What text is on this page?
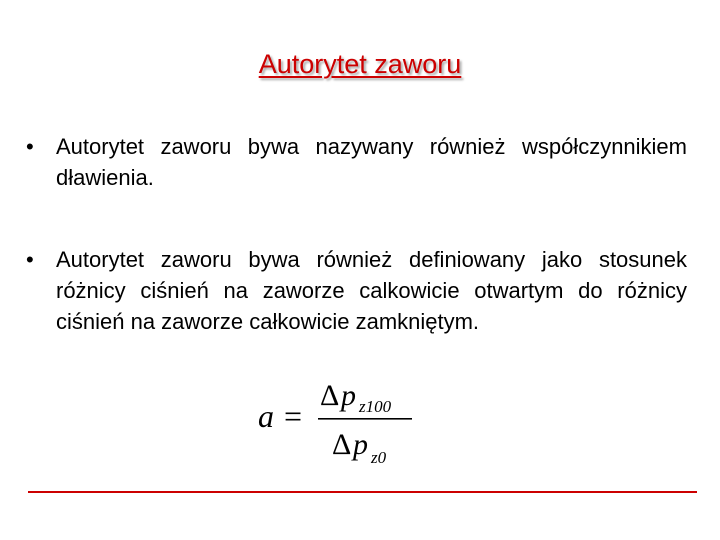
Autorytet zaworu
• Autorytet zaworu bywa nazywany również współczynnikiem dławienia.
• Autorytet zaworu bywa również definiowany jako stosunek różnicy ciśnień na zaworze calkowicie otwartym do różnicy ciśnień na zaworze całkowicie zamkniętym.
a =
Δ p z100
Δ p z0
